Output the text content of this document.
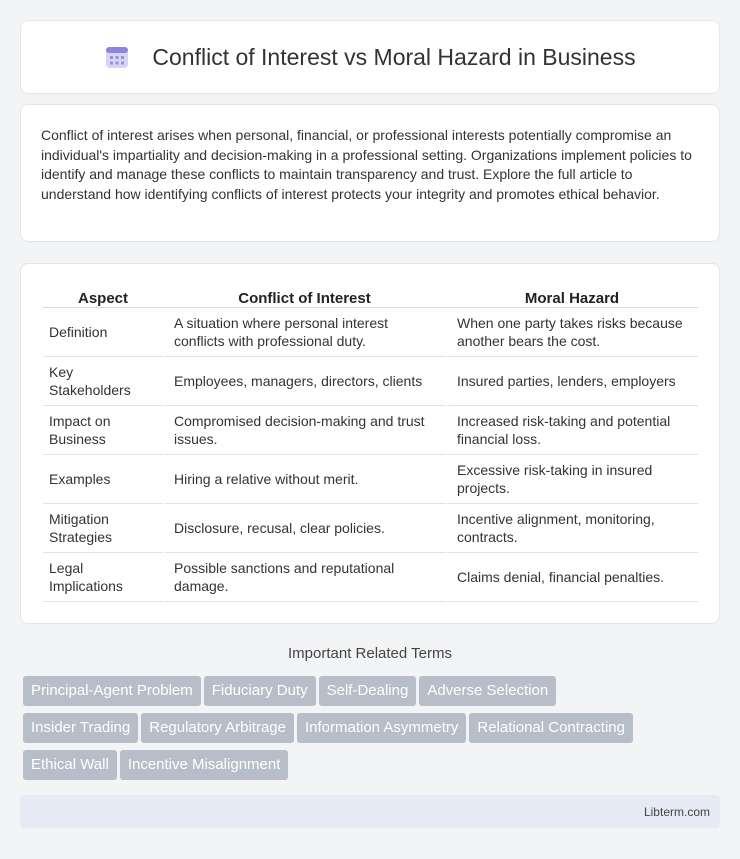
Conflict of Interest vs Moral Hazard in Business

Conflict of interest arises when personal, financial, or professional interests potentially compromise an individual's impartiality and decision-making in a professional setting. Organizations implement policies to identify and manage these conflicts to maintain transparency and trust. Explore the full article to understand how identifying conflicts of interest protects your integrity and promotes ethical behavior.

Aspect	Conflict of Interest	Moral Hazard
Definition	A situation where personal interest conflicts with professional duty.	When one party takes risks because another bears the cost.
Key Stakeholders	Employees, managers, directors, clients	Insured parties, lenders, employers
Impact on Business	Compromised decision-making and trust issues.	Increased risk-taking and potential financial loss.
Examples	Hiring a relative without merit.	Excessive risk-taking in insured projects.
Mitigation Strategies	Disclosure, recusal, clear policies.	Incentive alignment, monitoring, contracts.
Legal Implications	Possible sanctions and reputational damage.	Claims denial, financial penalties.
Important Related Terms
Principal-Agent Problem	Fiduciary Duty	Self-Dealing	Adverse Selection
Insider Trading	Regulatory Arbitrage	Information Asymmetry	Relational Contracting
Ethical Wall	Incentive Misalignment
Libterm.com
